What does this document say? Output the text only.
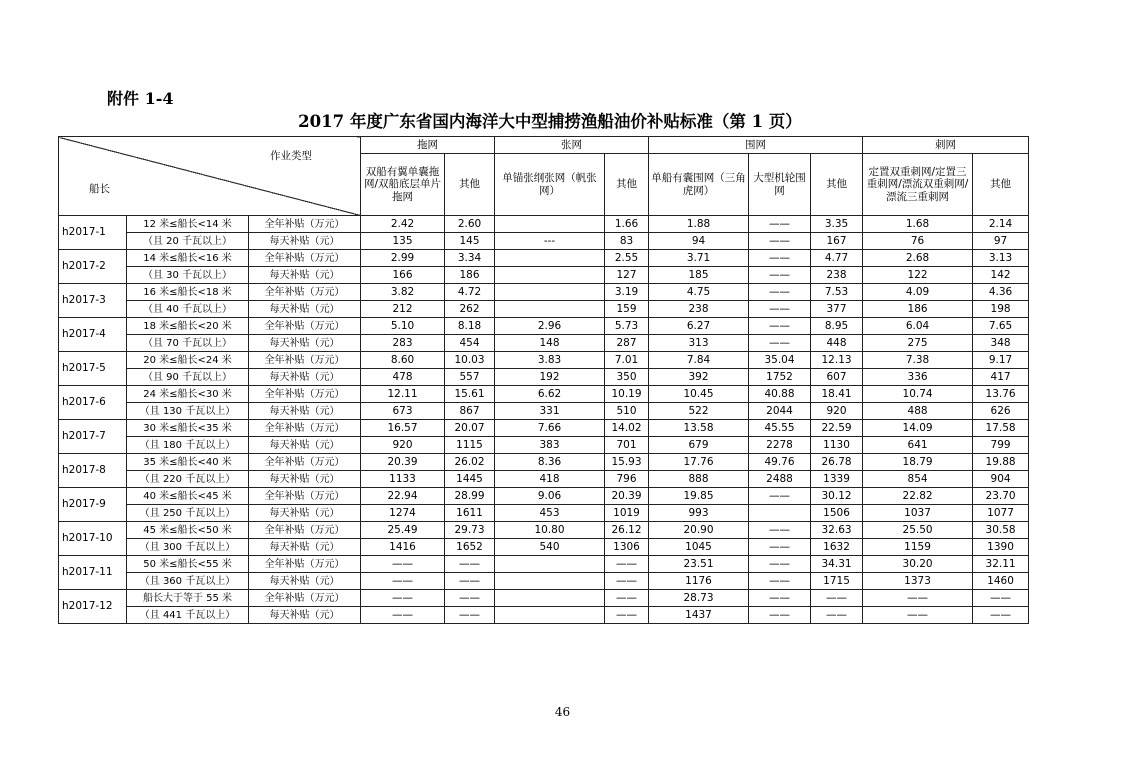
附件 1-4
2017 年度广东省国内海洋大中型捕捞渔船油价补贴标准（第 1 页）
作业类型
船长			拖网		张网		围网			刺网	
			双船有翼单囊拖网/双船底层单片拖网	其他	单锚张纲张网（帆张网）	其他	单船有囊围网（三角虎网）	大型机轮围网	其他	定置双重刺网/定置三重刺网/漂流双重刺网/漂流三重刺网	其他
h2017-1	12 米≤船长<14 米	全年补贴（万元）	2.42	2.60		1.66	1.88	——	3.35	1.68	2.14
	（且 20 千瓦以上）	每天补贴（元）	135	145	---	83	94	——	167	76	97
h2017-2	14 米≤船长<16 米	全年补贴（万元）	2.99	3.34		2.55	3.71	——	4.77	2.68	3.13
	（且 30 千瓦以上）	每天补贴（元）	166	186		127	185	——	238	122	142
h2017-3	16 米≤船长<18 米	全年补贴（万元）	3.82	4.72		3.19	4.75	——	7.53	4.09	4.36
	（且 40 千瓦以上）	每天补贴（元）	212	262		159	238	——	377	186	198
h2017-4	18 米≤船长<20 米	全年补贴（万元）	5.10	8.18	2.96	5.73	6.27	——	8.95	6.04	7.65
	（且 70 千瓦以上）	每天补贴（元）	283	454	148	287	313	——	448	275	348
h2017-5	20 米≤船长<24 米	全年补贴（万元）	8.60	10.03	3.83	7.01	7.84	35.04	12.13	7.38	9.17
	（且 90 千瓦以上）	每天补贴（元）	478	557	192	350	392	1752	607	336	417
h2017-6	24 米≤船长<30 米	全年补贴（万元）	12.11	15.61	6.62	10.19	10.45	40.88	18.41	10.74	13.76
	（且 130 千瓦以上）	每天补贴（元）	673	867	331	510	522	2044	920	488	626
h2017-7	30 米≤船长<35 米	全年补贴（万元）	16.57	20.07	7.66	14.02	13.58	45.55	22.59	14.09	17.58
	（且 180 千瓦以上）	每天补贴（元）	920	1115	383	701	679	2278	1130	641	799
h2017-8	35 米≤船长<40 米	全年补贴（万元）	20.39	26.02	8.36	15.93	17.76	49.76	26.78	18.79	19.88
	（且 220 千瓦以上）	每天补贴（元）	1133	1445	418	796	888	2488	1339	854	904
h2017-9	40 米≤船长<45 米	全年补贴（万元）	22.94	28.99	9.06	20.39	19.85	——	30.12	22.82	23.70
	（且 250 千瓦以上）	每天补贴（元）	1274	1611	453	1019	993		1506	1037	1077
h2017-10	45 米≤船长<50 米	全年补贴（万元）	25.49	29.73	10.80	26.12	20.90	——	32.63	25.50	30.58
	（且 300 千瓦以上）	每天补贴（元）	1416	1652	540	1306	1045	——	1632	1159	1390
h2017-11	50 米≤船长<55 米	全年补贴（万元）	——	——		——	23.51	——	34.31	30.20	32.11
	（且 360 千瓦以上）	每天补贴（元）	——	——		——	1176	——	1715	1373	1460
h2017-12	船长大于等于 55 米	全年补贴（万元）	——	——		——	28.73	——	——	——	——
	（且 441 千瓦以上）	每天补贴（元）	——	——		——	1437	——	——	——	——
46
